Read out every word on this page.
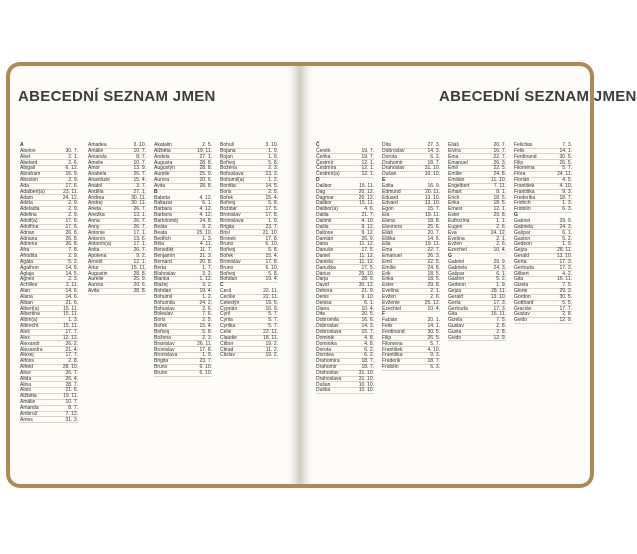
ABECEDNÍ SEZNAM JMEN	ABECEDNÍ SEZNAM JMEN
A
Abelon	30. 7.
Abel	2. 1.
Abelard	2. 6.
Abigail	6. 12.
Abraham	16. 9.
Absolon	2. 9.
Ada	17. 6.
Adalbert(a)	23. 11.
Adam	24. 12.
Adéla	2. 9.
Adelaida	2. 9.
Adelina	2. 9.
Adolf(a)	17. 6.
Adolfína	17. 6.
Adrian	26. 8.
Adriana	26. 8.
Adriena	26. 8.
Afra	7. 8.
Afrodita	2. 9.
Agáta	5. 2.
Agathon	14. 8.
Aglaja	14. 5.
Agnes	2. 3.
Achilles	2. 11.
Alan	14. 6.
Alana	14. 6.
Alban	21. 6.
Albert(a)	15. 11.
Albertina	15. 11.
Albín(a)	1. 3.
Albrecht	15. 11.
Aleš	17. 7.
Alex	12. 12.
Alexandr	26. 2.
Alexandra	21. 4.
Alexej	17. 7.
Alfons	2. 8.
Alfréd	28. 10.
Alice	26. 7.
Alida	26. 4.
Alina	28. 7.
Alois	21. 6.
Alžběta	19. 11.
Amálie	10. 7.
Amanda	8. 7.
Ambrož	7. 12.
Amos	31. 3.
Amadea	3. 10.
Amálie	10. 7.
Amanda	8. 7.
Amelie	10. 7.
Amor	13. 9.
Anabela	26. 7.
Anastázie	15. 4.
Anatol	3. 7.
Anděla	27. 1.
Andrea	30. 11.
Andrej	30. 11.
Aneta	26. 7.
Anežka	13. 1.
Anna	26. 7.
Anny	26. 7.
Antonie	17. 1.
Antonín	13. 6.
Antonín(a)	17. 1.
Anita	26. 7.
Apolena	9. 2.
Arnošt	12. 1.
Artur	15. 11.
Augustin	28. 8.
Aurelie	25. 9.
Aurora	20. 6.
Avita	28. 8.
Akatalin	2. 5.
Alžběta	19. 11.
Andela	27. 1.
Augusta	28. 8.
Augustýn	28. 8.
Aurelie	25. 9.
Aurora	20. 6.
Avita	28. 8.
B
Babeta	4. 12.
Baltazar	6. 1.
Barbara	4. 12.
Barbora	4. 12.
Bartoloměj	24. 8.
Beáta	9. 2.
Beata	25. 10.
Bedřich	1. 3.
Běla	4. 11.
Benedikt	11. 7.
Benjamín	31. 3.
Bernard	20. 8.
Berta	1. 7.
Blahoslav	3. 2.
Blanka	1. 12.
Blažej	3. 2.
Bohdan	19. 4.
Bohumil	1. 2.
Bohumila	24. 2.
Bohuslav	2. 6.
Boleslav	7. 6.
Boris	2. 5.
Bořek	15. 4.
Bořivoj	5. 8.
Božena	2. 3.
Branislav	26. 11.
Bronislav	17. 8.
Bronislava	1. 9.
Brigita	23. 7.
Bruno	6. 10.
Bruno	6. 10.
Bohuš	3. 10.
Bojana	1. 9.
Bojan	1. 9.
Bořivoj	5. 8.
Božena	2. 3.
Bohuslava	13. 3.
Bohumil(a)	1. 2.
Bonifác	14. 5.
Boris	2. 5.
Bořek	15. 4.
Bořivoj	5. 8.
Božidar	17. 5.
Bronislav	17. 8.
Bronislava	1. 9.
Brigita	23. 7.
Brisl	21. 10.
Bronek	17. 8.
Bruno	6. 10.
Bořivoj	5. 8.
Bořek	15. 4.
Bronislav	17. 8.
Bruno	6. 10.
Bořivoj	5. 8.
Bohdan	19. 4.
C
Cecil	22. 11.
Cecílie	22. 11.
Celestýn	19. 5.
Cyprián	16. 9.
Cyril	5. 7.
Cyrila	5. 7.
Cyrilka	5. 7.
Celie	22. 11.
Claudie	18. 11.
Ctibor	19. 2.
Ctirad	11. 2.
Ctislav	19. 2.
Č
Čeněk	19. 7.
Čeňka	19. 7.
Čestmír	12. 1.
Čestmíra	12. 1.
Čestmír(a)	12. 1.
D
Dalibor	15. 11.
Dag	20. 12.
Dagmar	20. 12.
Dalibor	15. 11.
Dalibor(a)	4. 6.
Dalila	21. 7.
Dalimil	4. 10.
Dalila	9. 12.
Daltone	9. 12.
Damián	26. 9.
Dana	11. 12.
Danuše	17. 5.
Daniel	11. 12.
Daniela	11. 12.
Danuška	17. 5.
Dárius	25. 10.
Darja	28. 9.
David	30. 12.
Debora	21. 9.
Denis	9. 10.
Denisa	6. 1.
Diana	10. 4.
Dita	20. 5.
Dobromila	16. 6.
Dobroslav	14. 3.
Dobroslava	15. 7.
Dominik	4. 8.
Dominika	4. 8.
Dorota	6. 2.
Dorotea	6. 2.
Drahomíra	18. 7.
Drahomír	18. 7.
Drahoslav	31. 10.
Drahoslava	31. 10.
Dušan	10. 10.
Duška	10. 10.
Dita	27. 3.
Dobroslav	14. 3.
Dorota	6. 2.
Drahomír	18. 7.
Drahoslav	31. 10.
Dušan	10. 10.
E
Edita	16. 9.
Edmund	20. 11.
Eduard	13. 10.
Edvard	13. 10.
Egon	15. 7.
Ela	19. 11.
Elena	18. 8.
Eleonora	25. 6.
Eliáš	20. 7.
Eliška	14. 6.
Ella	19. 11.
Ema	22. 7.
Emanuel	26. 3.
Emil	22. 5.
Emílie	24. 8.
Erik	18. 5.
Erika	18. 5.
Ester	29. 8.
Evelína	2. 1.
Evžen	2. 6.
Evženie	25. 12.
Ezechiel	10. 4.
F
Fabián	20. 1.
Felix	14. 1.
Ferdinand	30. 5.
Filip	26. 5.
Filomena	5. 7.
František	4. 10.
Františka	9. 3.
Frederik	18. 7.
Fridolín	6. 3.
Eliáš	20. 7.
Elvíra	16. 7.
Ema	22. 7.
Emanuel	26. 3.
Emil	22. 5.
Emílie	24. 8.
Emilián	11. 10.
Engelbert	7. 11.
Erhart	8. 1.
Erich	18. 5.
Erika	18. 5.
Ernest	12. 1.
Ester	29. 8.
Eufrozína	1. 1.
Eugen	2. 6.
Eva	24. 12.
Evelína	2. 1.
Evžen	2. 6.
Ezechiel	10. 4.
G
Gabriel	29. 9.
Gabriela	24. 3.
Gašpar	6. 1.
Gaston	5. 2.
Gedeon	1. 9.
Gejza	28. 11.
Gerald	13. 10.
Gerta	17. 3.
Gertruda	17. 3.
Gita	16. 11.
Gizela	7. 5.
Gustav	2. 8.
Gusta	2. 8.
Gvido	12. 9.
Felicitas	7. 3.
Felix	14. 1.
Ferdinand	30. 5.
Filip	26. 5.
Filoména	5. 7.
Flóra	24. 11.
Florián	4. 5.
František	4. 10.
Františka	9. 3.
Frederika	18. 7.
Fridrich	1. 3.
Fridolín	6. 3.
G
Gabriel	29. 9.
Gabriela	24. 3.
Gašpar	6. 1.
Gaston	5. 2.
Gedeon	1. 9.
Gejza	28. 11.
Gerald	13. 10.
Gerta	17. 3.
Gertruda	17. 3.
Gilbert	4. 2.
Gita	16. 11.
Gizela	7. 5.
Glorie	29. 3.
Gordon	30. 5.
Gotthard	5. 5.
Gracián	17. 7.
Gustav	2. 8.
Gvido	12. 9.
